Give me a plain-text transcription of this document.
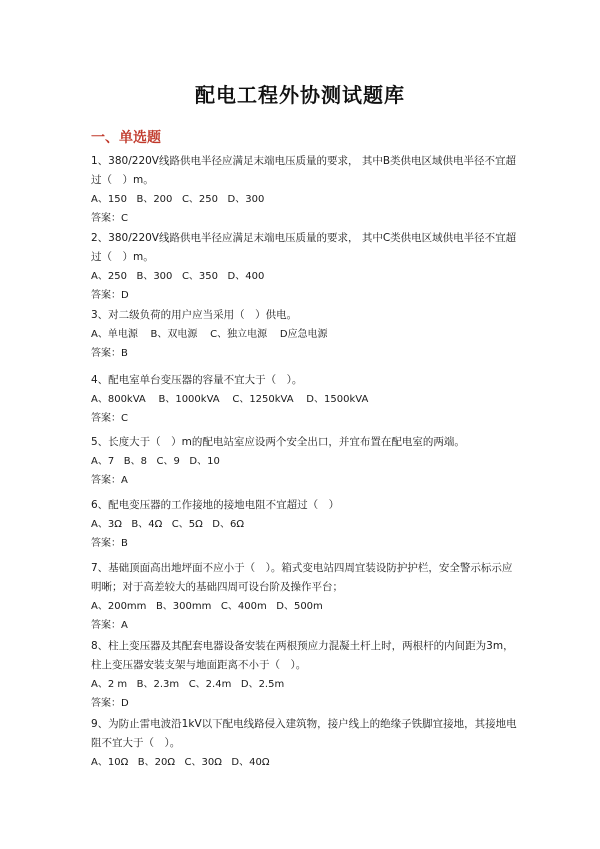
配电工程外协测试题库
一、单选题

1、380/220V线路供电半径应满足末端电压质量的要求， 其中B类供电区域供电半径不宜超过（　）m。

A、150   B、200   C、250   D、300

答案：C

2、380/220V线路供电半径应满足末端电压质量的要求， 其中C类供电区域供电半径不宜超过（　）m。

A、250   B、300   C、350   D、400

答案：D

3、对二级负荷的用户应当采用（　）供电。

A、单电源    B、双电源    C、独立电源    D应急电源

答案：B

4、配电室单台变压器的容量不宜大于（　）。

A、800kVA    B、1000kVA    C、1250kVA    D、1500kVA

答案：C

5、长度大于（　）m的配电站室应设两个安全出口，并宜布置在配电室的两端。

A、7   B、8   C、9   D、10

答案：A

6、配电变压器的工作接地的接地电阻不宜超过（　）

A、3Ω   B、4Ω   C、5Ω   D、6Ω

答案：B

7、基础顶面高出地坪面不应小于（　）。箱式变电站四周宜装设防护护栏，安全警示标示应明晰；对于高差较大的基础四周可设台阶及操作平台；

A、200mm   B、300mm   C、400m   D、500m

答案：A

8、柱上变压器及其配套电器设备安装在两根预应力混凝土杆上时，两根杆的内间距为3m，柱上变压器安装支架与地面距离不小于（　）。

A、2 m   B、2.3m   C、2.4m   D、2.5m

答案：D

9、为防止雷电波沿1kV以下配电线路侵入建筑物，接户线上的绝缘子铁脚宜接地，其接地电阻不宜大于（　）。

A、10Ω   B、20Ω   C、30Ω   D、40Ω
